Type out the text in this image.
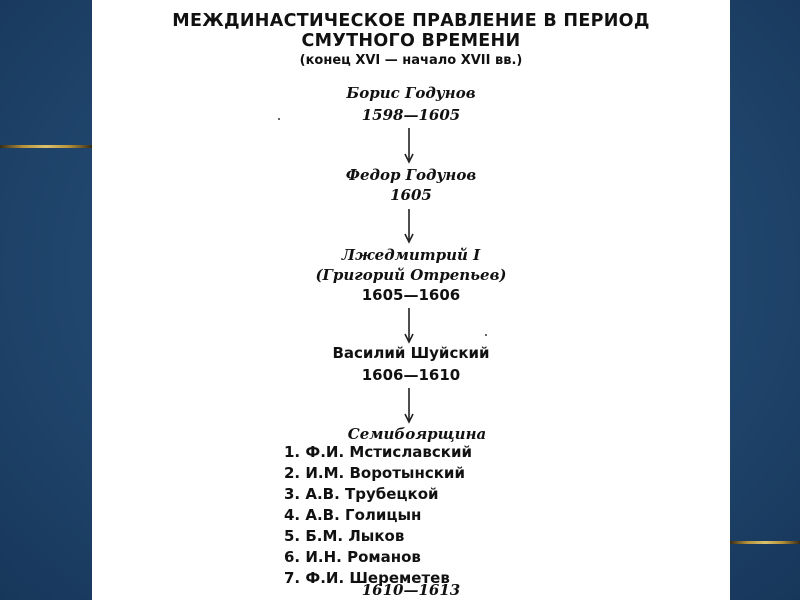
МЕЖДИНАСТИЧЕСКОЕ ПРАВЛЕНИЕ В ПЕРИОД
СМУТНОГО ВРЕМЕНИ
(конец XVI — начало XVII вв.)
Борис Годунов
1598—1605
Федор Годунов
1605
Лжедмитрий I
(Григорий Отрепьев)
1605—1606
Василий Шуйский
1606—1610
Семибоярщина
1. Ф.И. Мстиславский
2. И.М. Воротынский
3. А.В. Трубецкой
4. А.В. Голицын
5. Б.М. Лыков
6. И.Н. Романов
7. Ф.И. Шереметев
1610—1613
